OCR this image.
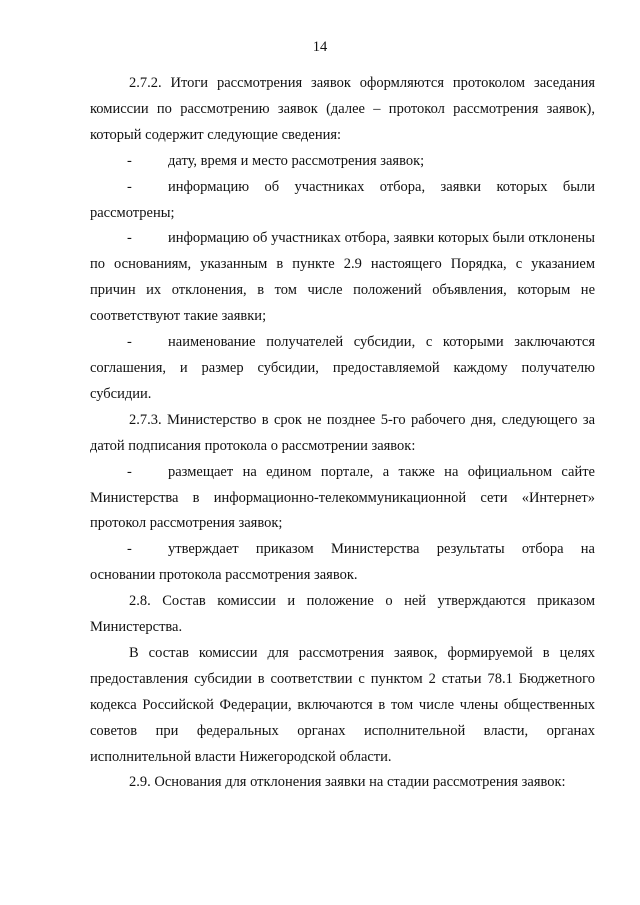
14

2.7.2. Итоги рассмотрения заявок оформляются протоколом заседания комиссии по рассмотрению заявок (далее – протокол рассмотрения заявок), который содержит следующие сведения:

- дату, время и место рассмотрения заявок;

- информацию об участниках отбора, заявки которых были рассмотрены;

- информацию об участниках отбора, заявки которых были отклонены по основаниям, указанным в пункте 2.9 настоящего Порядка, с указанием причин их отклонения, в том числе положений объявления, которым не соответствуют такие заявки;

- наименование получателей субсидии, с которыми заключаются соглашения, и размер субсидии, предоставляемой каждому получателю субсидии.

2.7.3. Министерство в срок не позднее 5-го рабочего дня, следующего за датой подписания протокола о рассмотрении заявок:

- размещает на едином портале, а также на официальном сайте Министерства в информационно-телекоммуникационной сети «Интернет» протокол рассмотрения заявок;

- утверждает приказом Министерства результаты отбора на основании протокола рассмотрения заявок.

2.8. Состав комиссии и положение о ней утверждаются приказом Министерства.

В состав комиссии для рассмотрения заявок, формируемой в целях предоставления субсидии в соответствии с пунктом 2 статьи 78.1 Бюджетного кодекса Российской Федерации, включаются в том числе члены общественных советов при федеральных органах исполнительной власти, органах исполнительной власти Нижегородской области.

2.9. Основания для отклонения заявки на стадии рассмотрения заявок:
